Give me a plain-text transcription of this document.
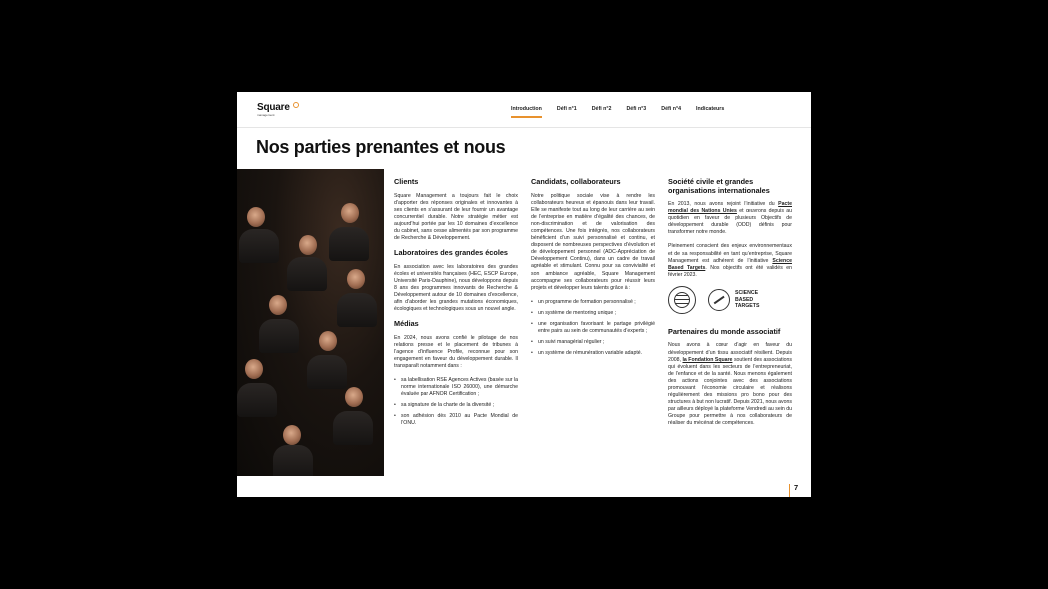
Square
management
Introduction	Défi n°1	Défi n°2	Défi n°3	Défi n°4	Indicateurs
Nos parties prenantes et nous
Clients

Square Management a toujours fait le choix d’apporter des réponses originales et innovantes à ses clients en s’assurant de leur fournir un avantage concurrentiel durable. Notre stratégie métier est aujourd’hui portée par les 10 domaines d’excellence du cabinet, sans cesse alimentés par son programme de Recherche & Développement.

Laboratoires des grandes écoles

En association avec les laboratoires des grandes écoles et universités françaises (HEC, ESCP Europe, Université Paris-Dauphine), nous développons depuis 8 ans des programmes innovants de Recherche & Développement autour de 10 domaines d’excellence, afin d’aborder les grandes mutations économiques, écologiques et technologiques sous un nouvel angle.

Médias

En 2024, nous avons confié le pilotage de nos relations presse et le placement de tribunes à l’agence d’influence Profile, reconnue pour son engagement en faveur du développement durable. Il transparaît notamment dans :

• sa labellisation RSE Agences Actives (basée sur la norme internationale ISO 26000), une démarche évaluée par AFNOR Certification ;
• sa signature de la charte de la diversité ;
• son adhésion dès 2010 au Pacte Mondial de l’ONU.
Candidats, collaborateurs

Notre politique sociale vise à rendre les collaborateurs heureux et épanouis dans leur travail. Elle se manifeste tout au long de leur carrière au sein de l’entreprise en matière d’égalité des chances, de non-discrimination et de valorisation des compétences. Une fois intégrés, nos collaborateurs bénéficient d’un suivi personnalisé et continu, et disposent de nombreuses perspectives d’évolution et de développement personnel (ADC-Appréciation de Développement Continu), dans un cadre de travail agréable et stimulant. Connu pour sa convivialité et son ambiance agréable, Square Management accompagne ses collaborateurs pour réussir leurs projets et développer leurs talents grâce à :

• un programme de formation personnalisé ;
• un système de mentoring unique ;
• une organisation favorisant le partage privilégié entre pairs au sein de communautés d’experts ;
• un suivi managérial régulier ;
• un système de rémunération variable adapté.
Société civile et grandes organisations internationales

En 2013, nous avons rejoint l’initiative du Pacte mondial des Nations Unies et œuvrons depuis au quotidien en faveur de plusieurs Objectifs de développement durable (ODD) définis pour transformer notre monde.

Pleinement conscient des enjeux environnementaux et de sa responsabilité en tant qu’entreprise, Square Management est adhérent de l’initiative Science Based Targets. Nos objectifs ont été validés en février 2023.

SCIENCE BASED TARGETS
Partenaires du monde associatif

Nous avons à cœur d’agir en faveur du développement d’un tissu associatif résilient. Depuis 2008, la Fondation Square soutient des associations qui évoluent dans les secteurs de l’entrepreneuriat, de l’enfance et de la santé. Nous menons également des actions conjointes avec des associations promouvant l’économie circulaire et réalisons régulièrement des missions pro bono pour des structures à but non lucratif. Depuis 2021, nous avons par ailleurs déployé la plateforme Vendredi au sein du Groupe pour permettre à nos collaborateurs de réaliser du mécénat de compétences.

7
